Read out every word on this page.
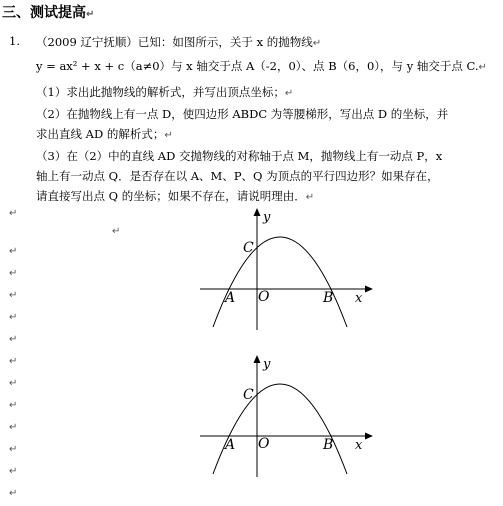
三、测试提高↵
1. （2009 辽宁抚顺）已知：如图所示，关于 x 的抛物线↵
y = ax² + x + c（a≠0）与 x 轴交于点 A（-2，0）、点 B（6，0），与 y 轴交于点 C.↵
（1）求出此抛物线的解析式，并写出顶点坐标；↵
（2）在抛物线上有一点 D，使四边形 ABDC 为等腰梯形，写出点 D 的坐标，并
求出直线 AD 的解析式；↵
（3）在（2）中的直线 AD 交抛物线的对称轴于点 M，抛物线上有一动点 P，x
轴上有一动点 Q．是否存在以 A、M、P、Q 为顶点的平行四边形？如果存在，
请直接写出点 Q 的坐标；如果不存在，请说明理由．↵
↵
↵
↵
↵
↵
↵
↵
↵
↵
↵
↵
↵
↵
↵
y
x
O
A	B
C
y
x
O
A	B
C
